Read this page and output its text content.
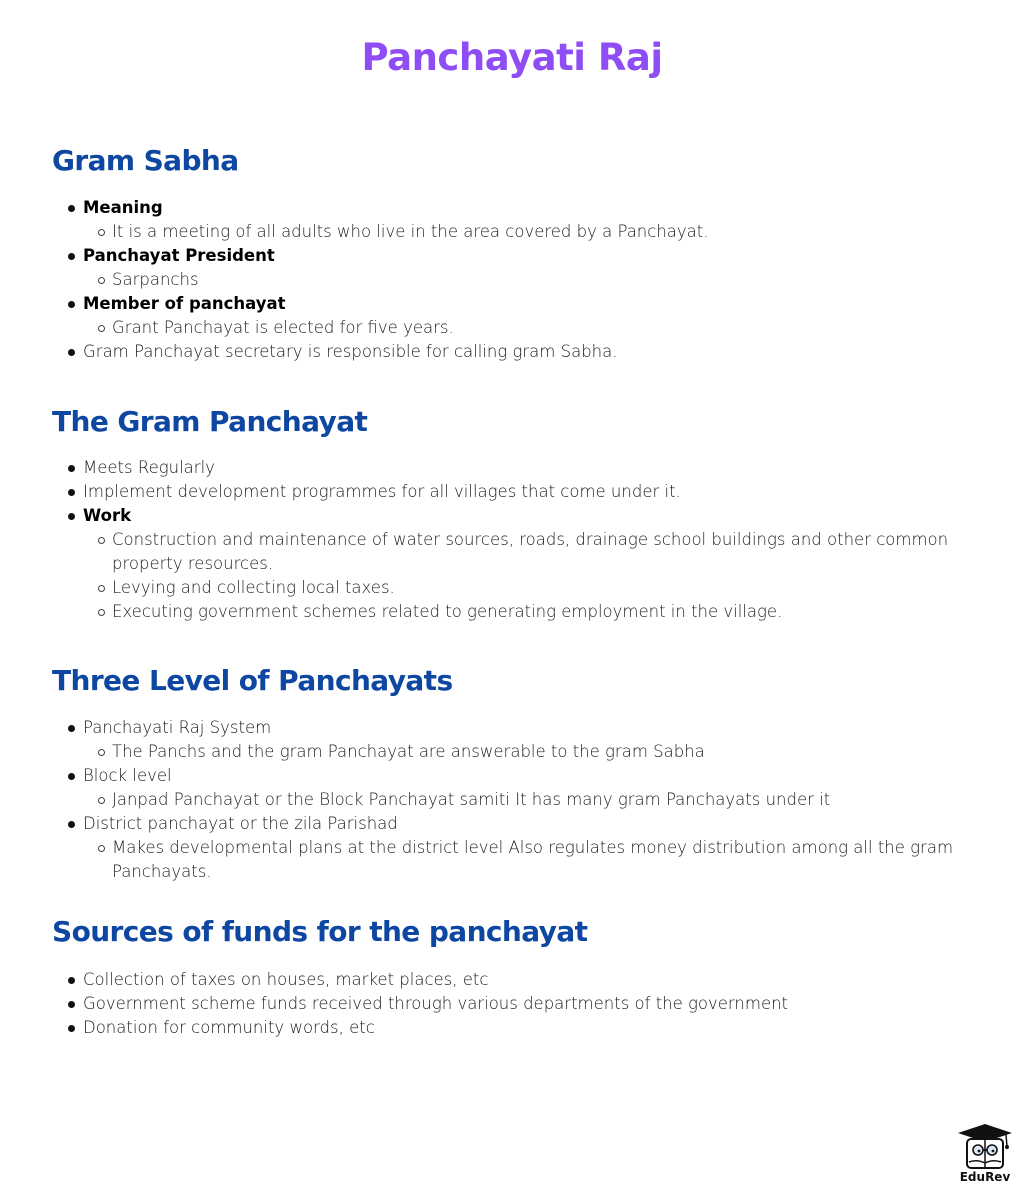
Panchayati Raj
Gram Sabha
Meaning
It is a meeting of all adults who live in the area covered by a Panchayat.
Panchayat President
Sarpanchs
Member of panchayat
Grant Panchayat is elected for five years.
Gram Panchayat secretary is responsible for calling gram Sabha.
The Gram Panchayat
Meets Regularly
Implement development programmes for all villages that come under it.
Work
Construction and maintenance of water sources, roads, drainage school buildings and other common property resources.
Levying and collecting local taxes.
Executing government schemes related to generating employment in the village.
Three Level of Panchayats
Panchayati Raj System
The Panchs and the gram Panchayat are answerable to the gram Sabha
Block level
Janpad Panchayat or the Block Panchayat samiti It has many gram Panchayats under it
District panchayat or the zila Parishad
Makes developmental plans at the district level Also regulates money distribution among all the gram Panchayats.
Sources of funds for the panchayat
Collection of taxes on houses, market places, etc
Government scheme funds received through various departments of the government
Donation for community words, etc
EduRev
